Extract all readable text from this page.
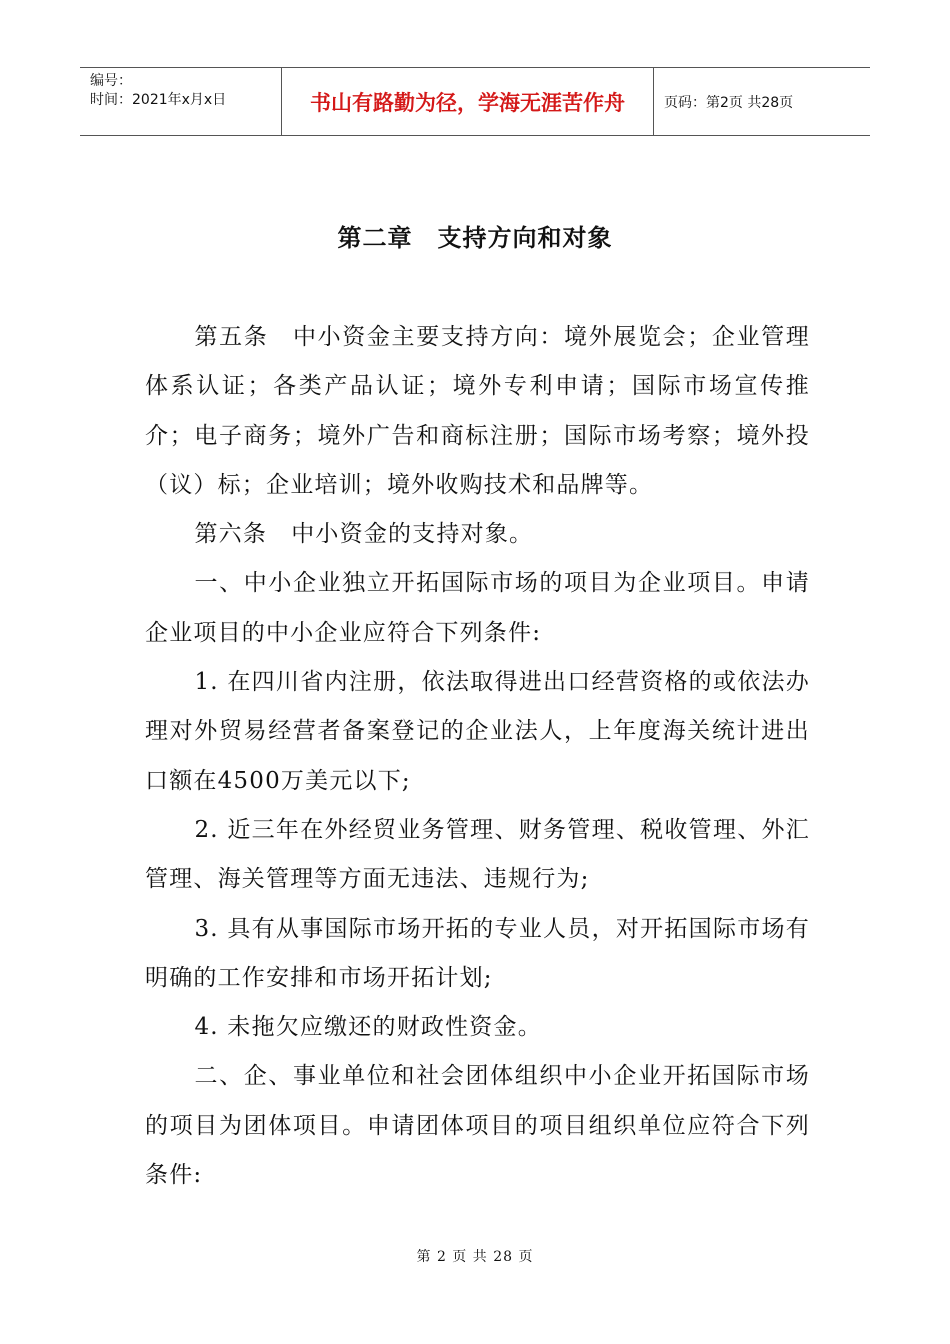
编号：
时间：2021年x月x日	书山有路勤为径，学海无涯苦作舟	页码：第2页 共28页
第二章　支持方向和对象

第五条　中小资金主要支持方向：境外展览会；企业管理体系认证；各类产品认证；境外专利申请；国际市场宣传推介；电子商务；境外广告和商标注册；国际市场考察；境外投（议）标；企业培训；境外收购技术和品牌等。

第六条　中小资金的支持对象。

一、中小企业独立开拓国际市场的项目为企业项目。申请企业项目的中小企业应符合下列条件:

1. 在四川省内注册，依法取得进出口经营资格的或依法办理对外贸易经营者备案登记的企业法人，上年度海关统计进出口额在4500万美元以下;

2. 近三年在外经贸业务管理、财务管理、税收管理、外汇管理、海关管理等方面无违法、违规行为;

3. 具有从事国际市场开拓的专业人员，对开拓国际市场有明确的工作安排和市场开拓计划;

4. 未拖欠应缴还的财政性资金。

二、企、事业单位和社会团体组织中小企业开拓国际市场的项目为团体项目。申请团体项目的项目组织单位应符合下列条件:

第 2 页 共 28 页
